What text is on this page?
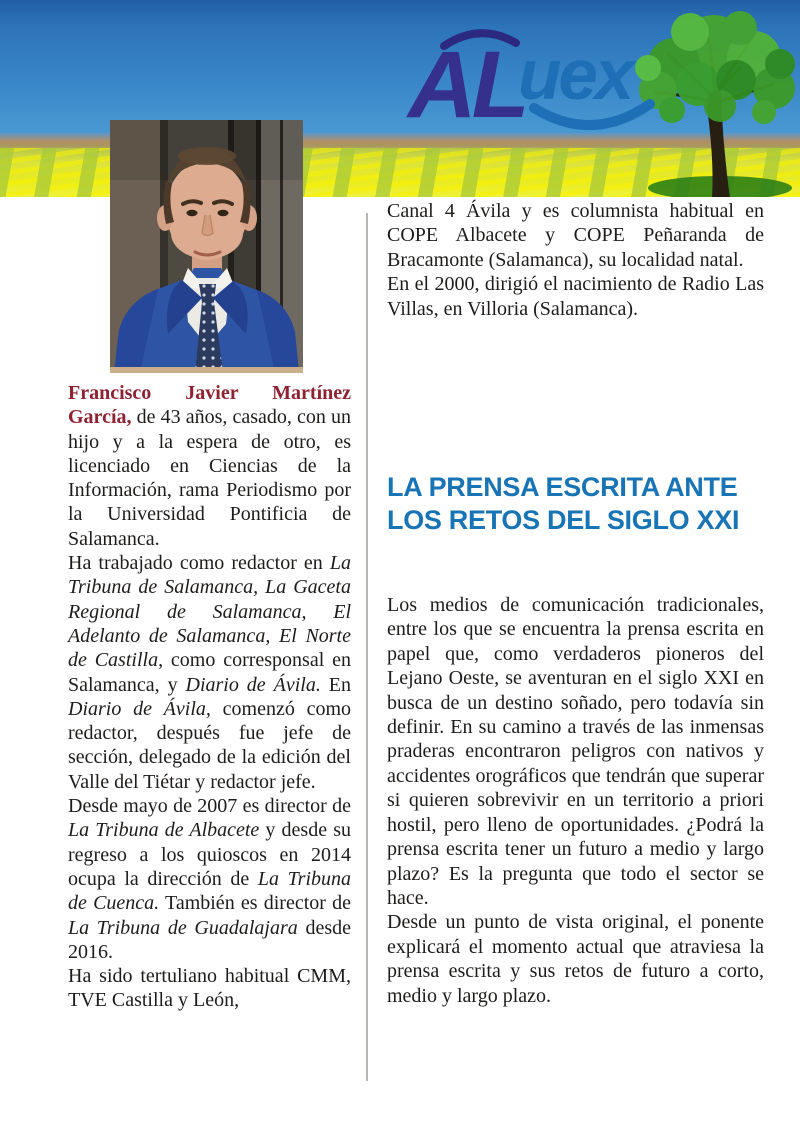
AL
uex

Francisco Javier Martínez García, de 43 años, casado, con un hijo y a la espera de otro, es licenciado en Ciencias de la Información, rama Periodismo por la Universidad Pontificia de Salamanca.

Ha trabajado como redactor en La Tribuna de Salamanca, La Gaceta Regional de Salamanca, El Adelanto de Salamanca, El Norte de Castilla, como corresponsal en Salamanca, y Diario de Ávila. En Diario de Ávila, comenzó como redactor, después fue jefe de sección, delegado de la edición del Valle del Tiétar y redactor jefe.

Desde mayo de 2007 es director de La Tribuna de Albacete y desde su regreso a los quioscos en 2014 ocupa la dirección de La Tribuna de Cuenca. También es director de La Tribuna de Guadalajara desde 2016.

Ha sido tertuliano habitual CMM, TVE Castilla y León,

Canal 4 Ávila y es columnista habitual en COPE Albacete y COPE Peñaranda de Bracamonte (Salamanca), su localidad natal.

En el 2000, dirigió el nacimiento de Radio Las Villas, en Villoria (Salamanca).

LA PRENSA ESCRITA ANTE
LOS RETOS DEL SIGLO XXI

Los medios de comunicación tradicionales, entre los que se encuentra la prensa escrita en papel que, como verdaderos pioneros del Lejano Oeste, se aventuran en el siglo XXI en busca de un destino soñado, pero todavía sin definir. En su camino a través de las inmensas praderas encontraron peligros con nativos y accidentes orográficos que tendrán que superar si quieren sobrevivir en un territorio a priori hostil, pero lleno de oportunidades. ¿Podrá la prensa escrita tener un futuro a medio y largo plazo? Es la pregunta que todo el sector se hace.

Desde un punto de vista original, el ponente explicará el momento actual que atraviesa la prensa escrita y sus retos de futuro a corto, medio y largo plazo.
